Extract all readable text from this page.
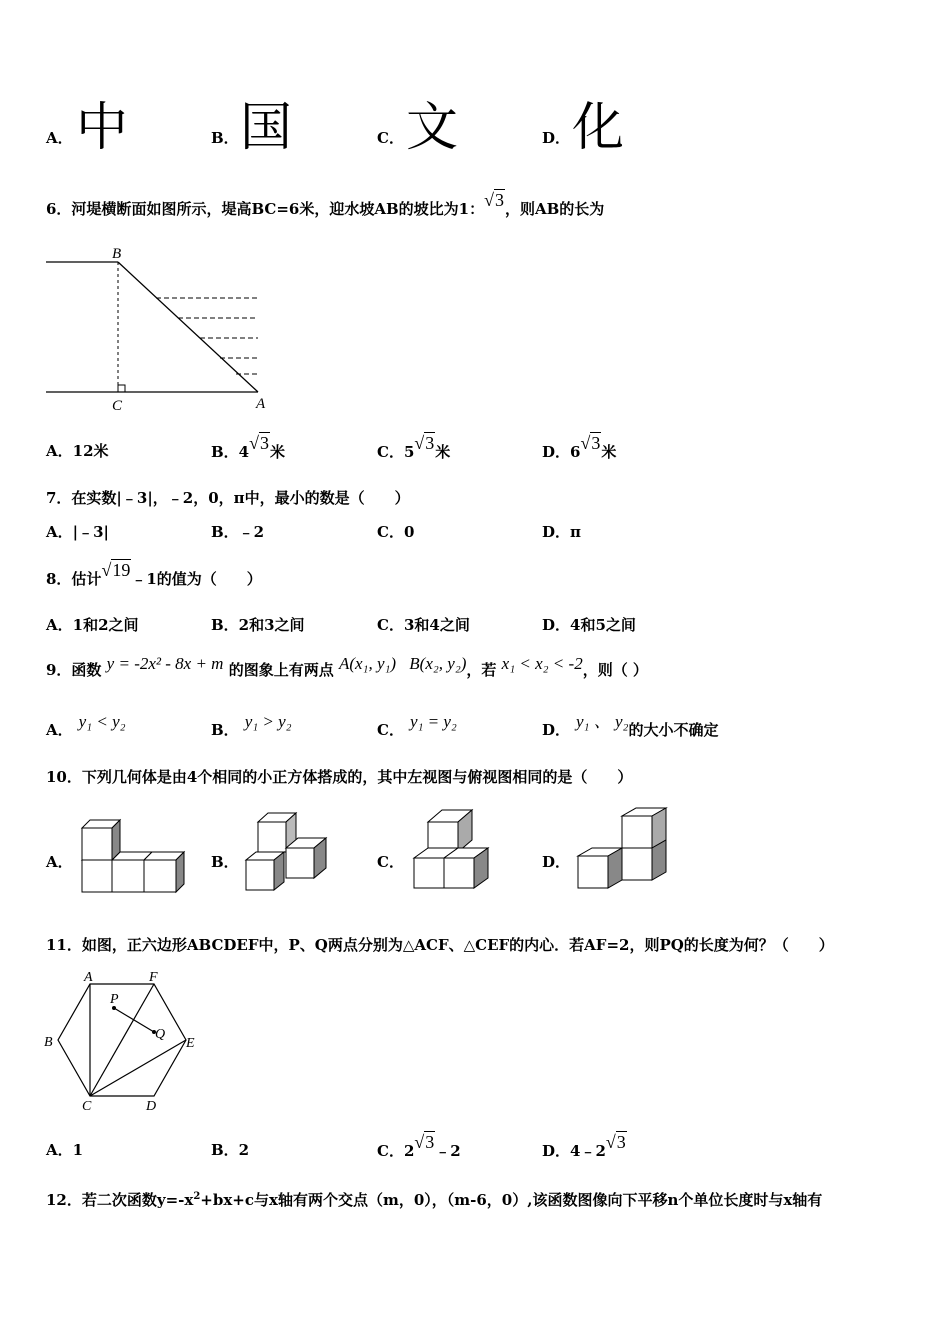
A． 中	B． 国	C． 文	D． 化
6．河堤横断面如图所示，堤高BC=6米，迎水坡AB的坡比为1：√3，则AB的长为
B
C	A
A．12米	B．4√3米	C．5√3米	D．6√3米
7．在实数|﹣3|，﹣2，0，π中，最小的数是（　　）
A．|﹣3|	B．﹣2	C．0	D．π
8．估计√19﹣1的值为（　　）
A．1和2之间	B．2和3之间	C．3和4之间	D．4和5之间
9．函数 y = -2x² - 8x + m 的图象上有两点 A(x₁, y₁) B(x₂, y₂)，若 x₁ < x₂ < -2，则（ ）
A． y₁ < y₂	B． y₁ > y₂	C． y₁ = y₂	D． y₁ 、 y₂的大小不确定
10．下列几何体是由4个相同的小正方体搭成的，其中左视图与俯视图相同的是（　　）
A．	B．	C．	D．
11．如图，正六边形ABCDEF中，P、Q两点分别为△ACF、△CEF的内心．若AF=2，则PQ的长度为何？（　　）
A	F
B	E
C	D
P
Q
A．1	B．2	C．2√3﹣2	D．4﹣2√3
12．若二次函数$y=-x^2+bx+c$与x轴有两个交点（m，0），（m-6，0）,该函数图像向下平移n个单位长度时与x轴有
